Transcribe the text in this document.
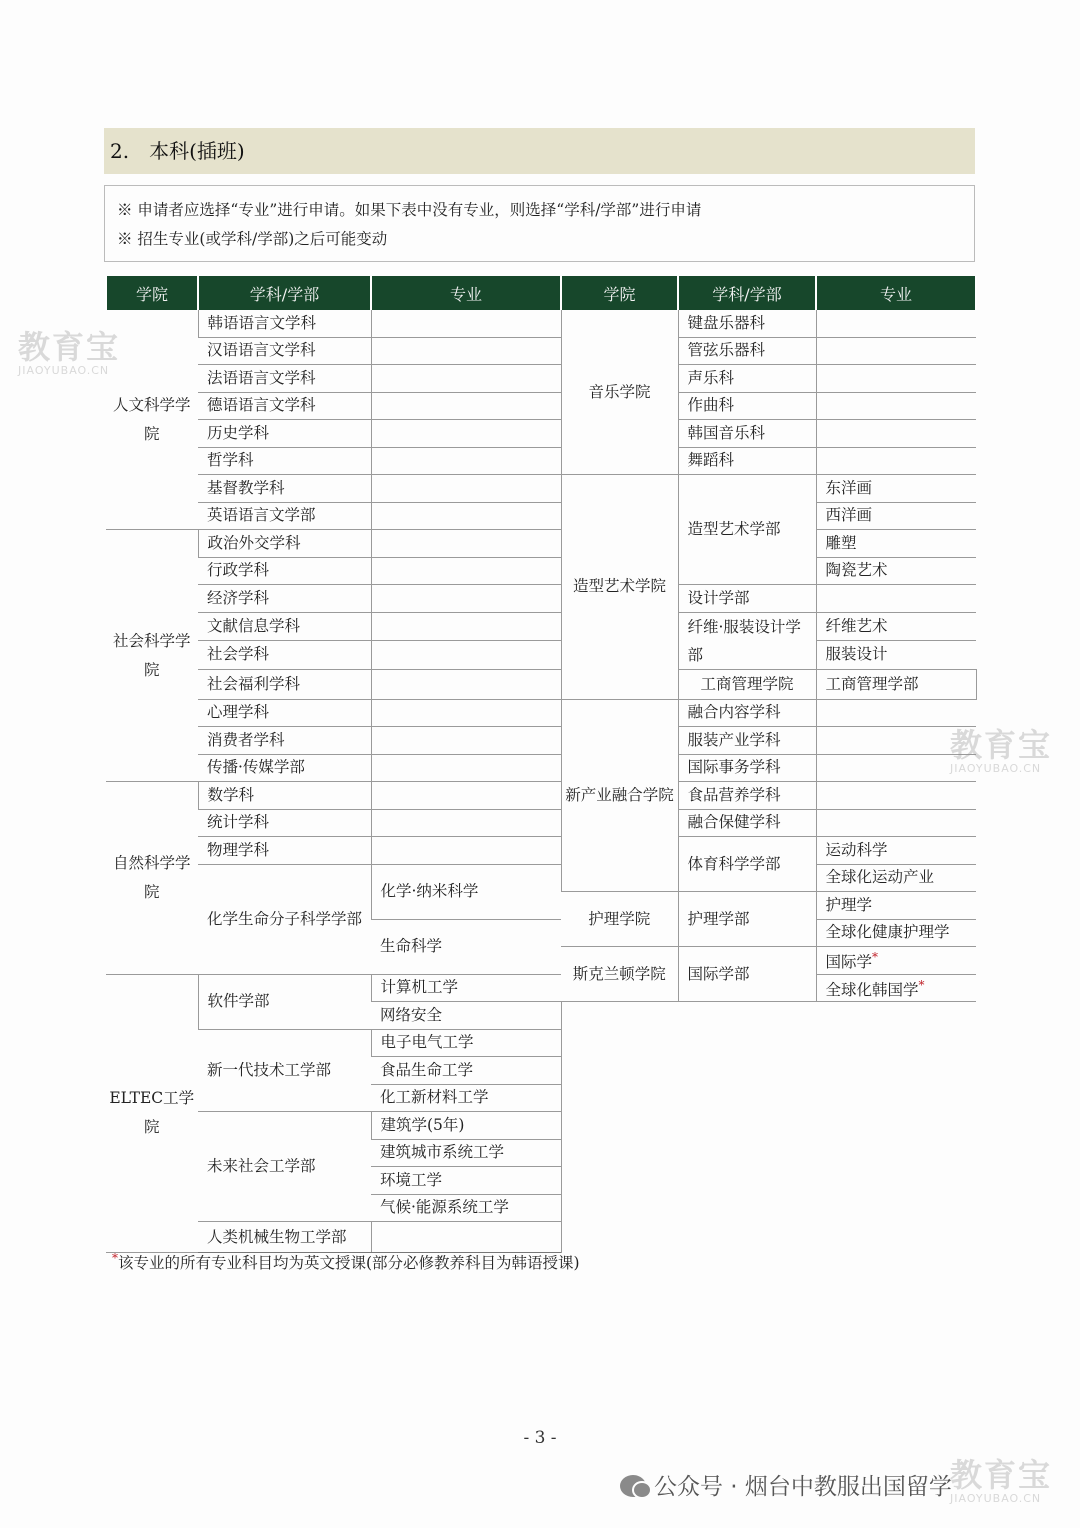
2.　本科(插班)
※ 申请者应选择“专业”进行申请。如果下表中没有专业，则选择“学科/学部”进行申请
※ 招生专业(或学科/学部)之后可能变动
学院	学科/学部	专业	学院	学科/学部	专业	
人文科学学院	韩语语言文学科		音乐学院	键盘乐器科		
	汉语语言文学科			管弦乐器科		
	法语语言文学科			声乐科		
	德语语言文学科			作曲科		
	历史学科			韩国音乐科		
	哲学科			舞蹈科		
	基督教学科		造型艺术学院	造型艺术学部	东洋画	
	英语语言文学部				西洋画	
社会科学学院	政治外交学科				雕塑	
	行政学科				陶瓷艺术	
	经济学科			设计学部		
	文献信息学科			纤维·服装设计学部	纤维艺术	
	社会学科				服装设计	
	社会福利学科			工商管理学院	工商管理学部	
	心理学科		新产业融合学院	融合内容学科		
	消费者学科			服装产业学科		
	传播·传媒学部			国际事务学科		
自然科学学院	数学科			食品营养学科		
	统计学科			融合保健学科		
	物理学科			体育科学学部	运动科学	
	化学生命分子科学学部	化学·纳米科学			全球化运动产业	
			护理学院	护理学部	护理学	
		生命科学			全球化健康护理学	
			斯克兰顿学院	国际学部	国际学*
ELTEC工学院	软件学部	计算机工学			全球化韩国学*
		网络安全				
	新一代技术工学部	电子电气工学				
		食品生命工学				
		化工新材料工学				
	未来社会工学部	建筑学(5年)				
		建筑城市系统工学				
		环境工学				
		气候·能源系统工学				
	人类机械生物工学部					
*该专业的所有专业科目均为英文授课(部分必修教养科目为韩语授课)
- 3 -
公众号 · 烟台中教服出国留学
教育宝
JIAOYUBAO.CN
教育宝
JIAOYUBAO.CN
教育宝
JIAOYUBAO.CN
